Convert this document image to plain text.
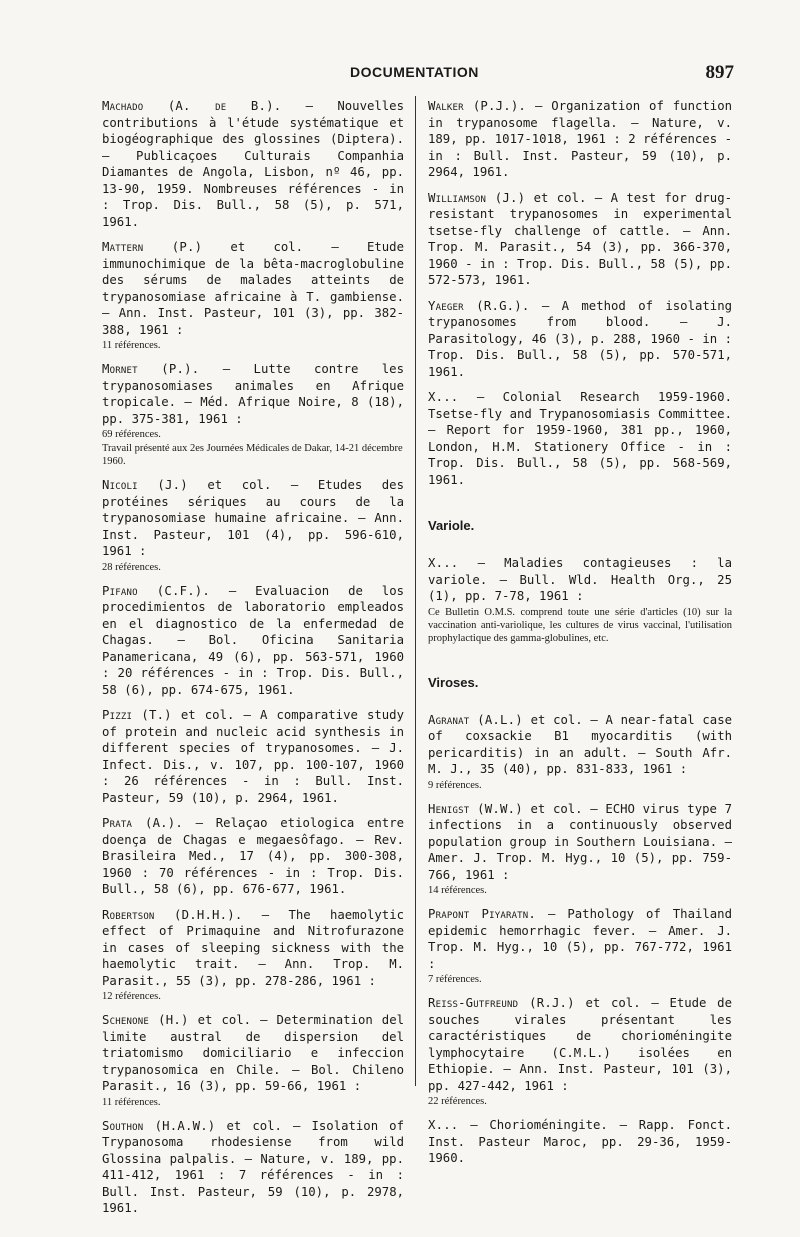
DOCUMENTATION	897
Machado (A. de B.). — Nouvelles contributions à l'étude systématique et biogéographique des glossines (Diptera). — Publicaçoes Culturais Companhia Diamantes de Angola, Lisbon, nº 46, pp. 13-90, 1959. Nombreuses références - in : Trop. Dis. Bull., 58 (5), p. 571, 1961.
Mattern (P.) et col. — Etude immunochimique de la bêta-macroglobuline des sérums de malades atteints de trypanosomiase africaine à T. gambiense. — Ann. Inst. Pasteur, 101 (3), pp. 382-388, 1961 :
11 références.
Mornet (P.). — Lutte contre les trypanosomiases animales en Afrique tropicale. — Méd. Afrique Noire, 8 (18), pp. 375-381, 1961 :
69 références.
Travail présenté aux 2es Journées Médicales de Dakar, 14-21 décembre 1960.
Nicoli (J.) et col. — Etudes des protéines sériques au cours de la trypanosomiase humaine africaine. — Ann. Inst. Pasteur, 101 (4), pp. 596-610, 1961 :
28 références.
Pifano (C.F.). — Evaluacion de los procedimientos de laboratorio empleados en el diagnostico de la enfermedad de Chagas. — Bol. Oficina Sanitaria Panamericana, 49 (6), pp. 563-571, 1960 : 20 références - in : Trop. Dis. Bull., 58 (6), pp. 674-675, 1961.
Pizzi (T.) et col. — A comparative study of protein and nucleic acid synthesis in different species of trypanosomes. — J. Infect. Dis., v. 107, pp. 100-107, 1960 : 26 références - in : Bull. Inst. Pasteur, 59 (10), p. 2964, 1961.
Prata (A.). — Relaçao etiologica entre doença de Chagas e megaesôfago. — Rev. Brasileira Med., 17 (4), pp. 300-308, 1960 : 70 références - in : Trop. Dis. Bull., 58 (6), pp. 676-677, 1961.
Robertson (D.H.H.). — The haemolytic effect of Primaquine and Nitrofurazone in cases of sleeping sickness with the haemolytic trait. — Ann. Trop. M. Parasit., 55 (3), pp. 278-286, 1961 :
12 références.
Schenone (H.) et col. — Determination del limite austral de dispersion del triatomismo domiciliario e infeccion trypanosomica en Chile. — Bol. Chileno Parasit., 16 (3), pp. 59-66, 1961 :
11 références.
Southon (H.A.W.) et col. — Isolation of Trypanosoma rhodesiense from wild Glossina palpalis. — Nature, v. 189, pp. 411-412, 1961 : 7 références - in : Bull. Inst. Pasteur, 59 (10), p. 2978, 1961.
Walker (P.J.). — Organization of function in trypanosome flagella. — Nature, v. 189, pp. 1017-1018, 1961 : 2 références - in : Bull. Inst. Pasteur, 59 (10), p. 2964, 1961.
Williamson (J.) et col. — A test for drug-resistant trypanosomes in experimental tsetse-fly challenge of cattle. — Ann. Trop. M. Parasit., 54 (3), pp. 366-370, 1960 - in : Trop. Dis. Bull., 58 (5), pp. 572-573, 1961.
Yaeger (R.G.). — A method of isolating trypanosomes from blood. — J. Parasitology, 46 (3), p. 288, 1960 - in : Trop. Dis. Bull., 58 (5), pp. 570-571, 1961.
X... — Colonial Research 1959-1960. Tsetse-fly and Trypanosomiasis Committee. — Report for 1959-1960, 381 pp., 1960, London, H.M. Stationery Office - in : Trop. Dis. Bull., 58 (5), pp. 568-569, 1961.
Variole.
X... — Maladies contagieuses : la variole. — Bull. Wld. Health Org., 25 (1), pp. 7-78, 1961 :
Ce Bulletin O.M.S. comprend toute une série d'articles (10) sur la vaccination anti-variolique, les cultures de virus vaccinal, l'utilisation prophylactique des gamma-globulines, etc.
Viroses.
Agranat (A.L.) et col. — A near-fatal case of coxsackie B1 myocarditis (with pericarditis) in an adult. — South Afr. M. J., 35 (40), pp. 831-833, 1961 :
9 références.
Henigst (W.W.) et col. — ECHO virus type 7 infections in a continuously observed population group in Southern Louisiana. — Amer. J. Trop. M. Hyg., 10 (5), pp. 759-766, 1961 :
14 références.
Prapont Piyaratn. — Pathology of Thailand epidemic hemorrhagic fever. — Amer. J. Trop. M. Hyg., 10 (5), pp. 767-772, 1961 :
7 références.
Reiss-Gutfreund (R.J.) et col. — Etude de souches virales présentant les caractéristiques de chorioméningite lymphocytaire (C.M.L.) isolées en Ethiopie. — Ann. Inst. Pasteur, 101 (3), pp. 427-442, 1961 :
22 références.
X... — Chorioméningite. — Rapp. Fonct. Inst. Pasteur Maroc, pp. 29-36, 1959-1960.
